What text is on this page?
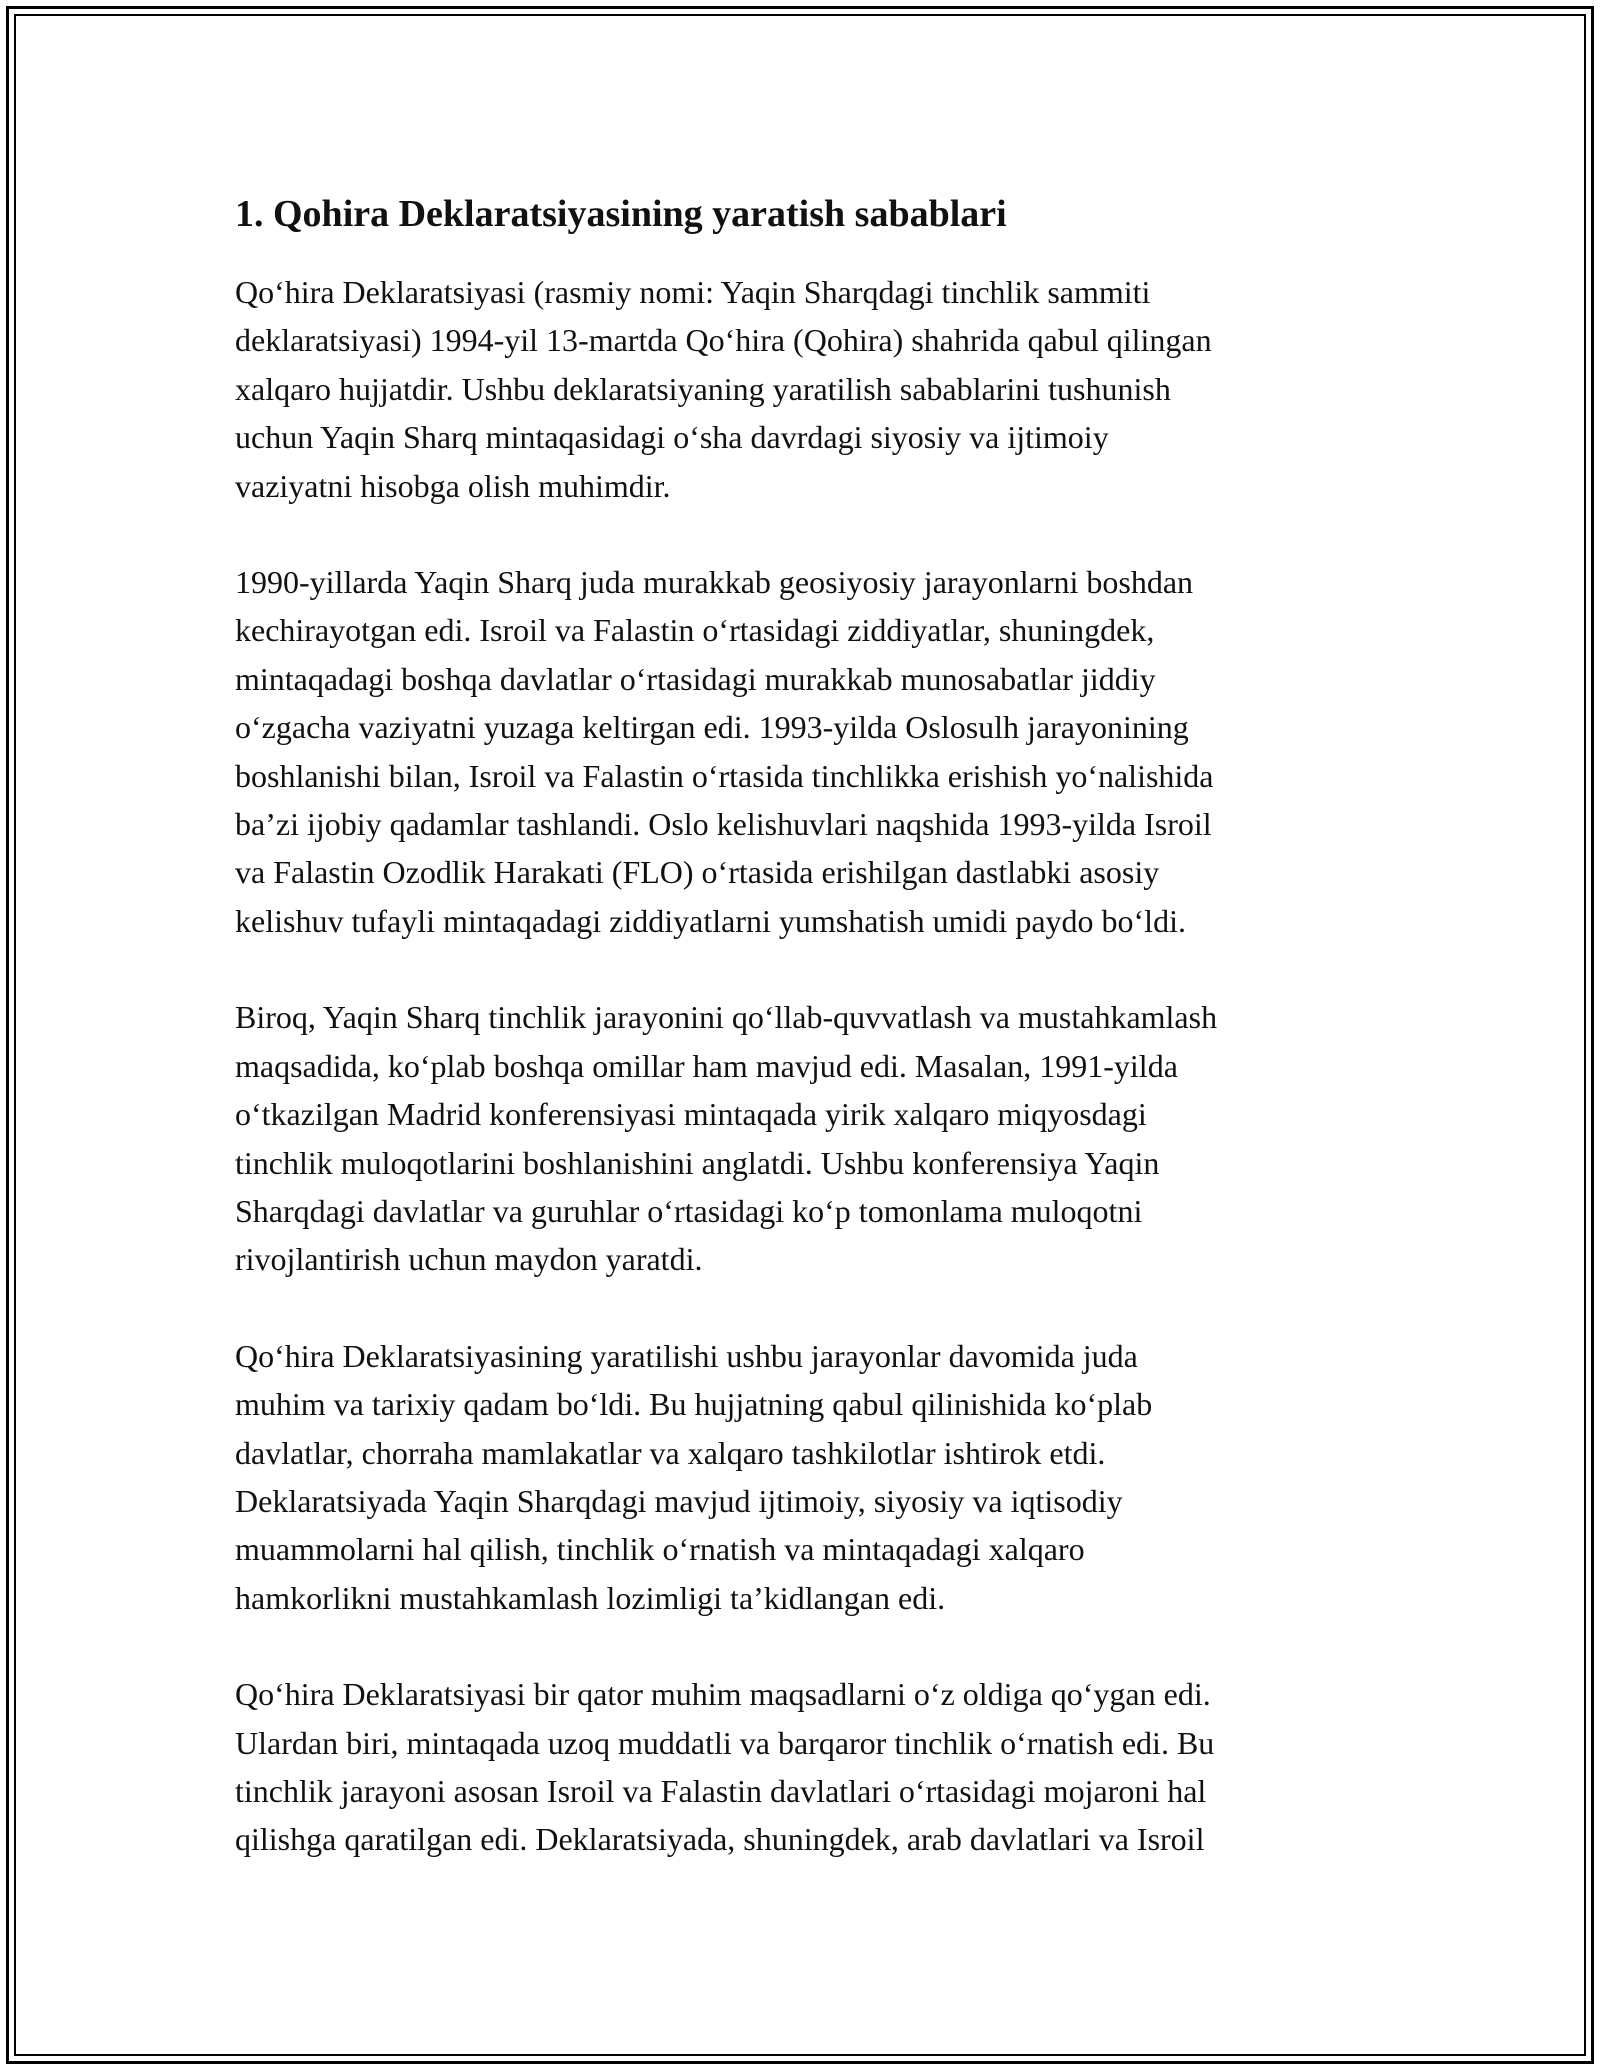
1. Qohira Deklaratsiyasining yaratish sabablari

Qo‘hira Deklaratsiyasi (rasmiy nomi: Yaqin Sharqdagi tinchlik sammiti
deklaratsiyasi) 1994-yil 13-martda Qo‘hira (Qohira) shahrida qabul qilingan
xalqaro hujjatdir. Ushbu deklaratsiyaning yaratilish sabablarini tushunish
uchun Yaqin Sharq mintaqasidagi o‘sha davrdagi siyosiy va ijtimoiy
vaziyatni hisobga olish muhimdir.

1990-yillarda Yaqin Sharq juda murakkab geosiyosiy jarayonlarni boshdan
kechirayotgan edi. Isroil va Falastin o‘rtasidagi ziddiyatlar, shuningdek,
mintaqadagi boshqa davlatlar o‘rtasidagi murakkab munosabatlar jiddiy
o‘zgacha vaziyatni yuzaga keltirgan edi. 1993-yilda Oslosulh jarayonining
boshlanishi bilan, Isroil va Falastin o‘rtasida tinchlikka erishish yo‘nalishida
ba’zi ijobiy qadamlar tashlandi. Oslo kelishuvlari naqshida 1993-yilda Isroil
va Falastin Ozodlik Harakati (FLO) o‘rtasida erishilgan dastlabki asosiy
kelishuv tufayli mintaqadagi ziddiyatlarni yumshatish umidi paydo bo‘ldi.

Biroq, Yaqin Sharq tinchlik jarayonini qo‘llab-quvvatlash va mustahkamlash
maqsadida, ko‘plab boshqa omillar ham mavjud edi. Masalan, 1991-yilda
o‘tkazilgan Madrid konferensiyasi mintaqada yirik xalqaro miqyosdagi
tinchlik muloqotlarini boshlanishini anglatdi. Ushbu konferensiya Yaqin
Sharqdagi davlatlar va guruhlar o‘rtasidagi ko‘p tomonlama muloqotni
rivojlantirish uchun maydon yaratdi.

Qo‘hira Deklaratsiyasining yaratilishi ushbu jarayonlar davomida juda
muhim va tarixiy qadam bo‘ldi. Bu hujjatning qabul qilinishida ko‘plab
davlatlar, chorraha mamlakatlar va xalqaro tashkilotlar ishtirok etdi.
Deklaratsiyada Yaqin Sharqdagi mavjud ijtimoiy, siyosiy va iqtisodiy
muammolarni hal qilish, tinchlik o‘rnatish va mintaqadagi xalqaro
hamkorlikni mustahkamlash lozimligi ta’kidlangan edi.

Qo‘hira Deklaratsiyasi bir qator muhim maqsadlarni o‘z oldiga qo‘ygan edi.
Ulardan biri, mintaqada uzoq muddatli va barqaror tinchlik o‘rnatish edi. Bu
tinchlik jarayoni asosan Isroil va Falastin davlatlari o‘rtasidagi mojaroni hal
qilishga qaratilgan edi. Deklaratsiyada, shuningdek, arab davlatlari va Isroil
